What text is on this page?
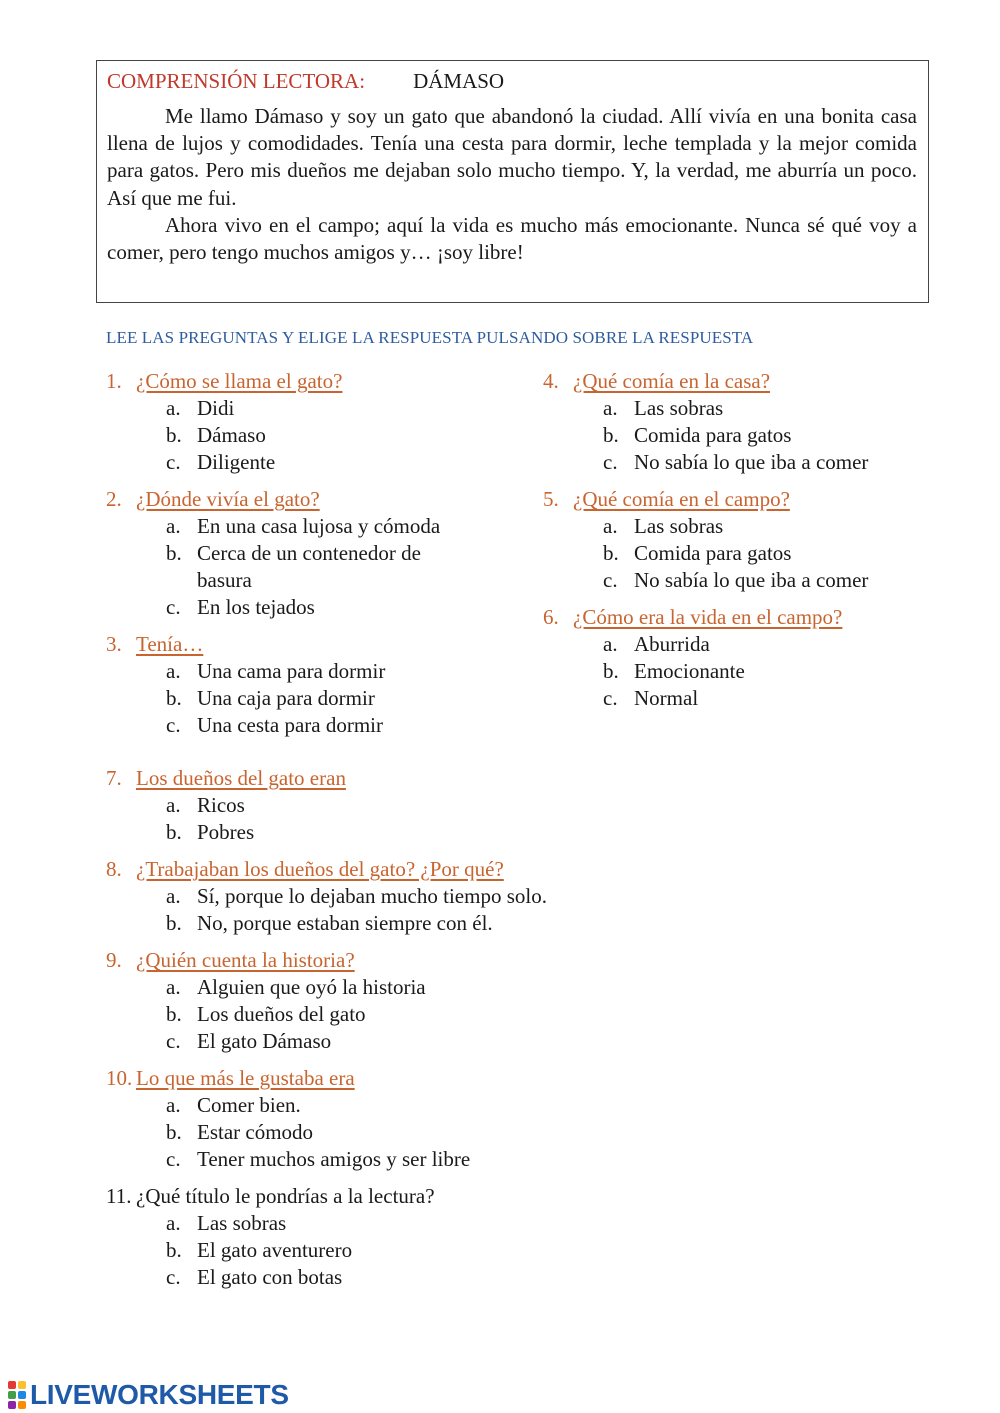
COMPRENSIÓN LECTORA: DÁMASO

Me llamo Dámaso y soy un gato que abandonó la ciudad. Allí vivía en una bonita casa llena de lujos y comodidades. Tenía una cesta para dormir, leche templada y la mejor comida para gatos. Pero mis dueños me dejaban solo mucho tiempo. Y, la verdad, me aburría un poco. Así que me fui.

Ahora vivo en el campo; aquí la vida es mucho más emocionante. Nunca sé qué voy a comer, pero tengo muchos amigos y… ¡soy libre!

LEE LAS PREGUNTAS Y ELIGE LA RESPUESTA PULSANDO SOBRE LA RESPUESTA
1. ¿Cómo se llama el gato?
a. Didi
b. Dámaso
c. Diligente
2. ¿Dónde vivía el gato?
a. En una casa lujosa y cómoda
b. Cerca de un contenedor de basura
c. En los tejados
3. Tenía…
a. Una cama para dormir
b. Una caja para dormir
c. Una cesta para dormir
4. ¿Qué comía en la casa?
a. Las sobras
b. Comida para gatos
c. No sabía lo que iba a comer
5. ¿Qué comía en el campo?
a. Las sobras
b. Comida para gatos
c. No sabía lo que iba a comer
6. ¿Cómo era la vida en el campo?
a. Aburrida
b. Emocionante
c. Normal
7. Los dueños del gato eran
a. Ricos
b. Pobres
8. ¿Trabajaban los dueños del gato? ¿Por qué?
a. Sí, porque lo dejaban mucho tiempo solo.
b. No, porque estaban siempre con él.
9. ¿Quién cuenta la historia?
a. Alguien que oyó la historia
b. Los dueños del gato
c. El gato Dámaso
10. Lo que más le gustaba era
a. Comer bien.
b. Estar cómodo
c. Tener muchos amigos y ser libre
11. ¿Qué título le pondrías a la lectura?
a. Las sobras
b. El gato aventurero
c. El gato con botas
LIVEWORKSHEETS
